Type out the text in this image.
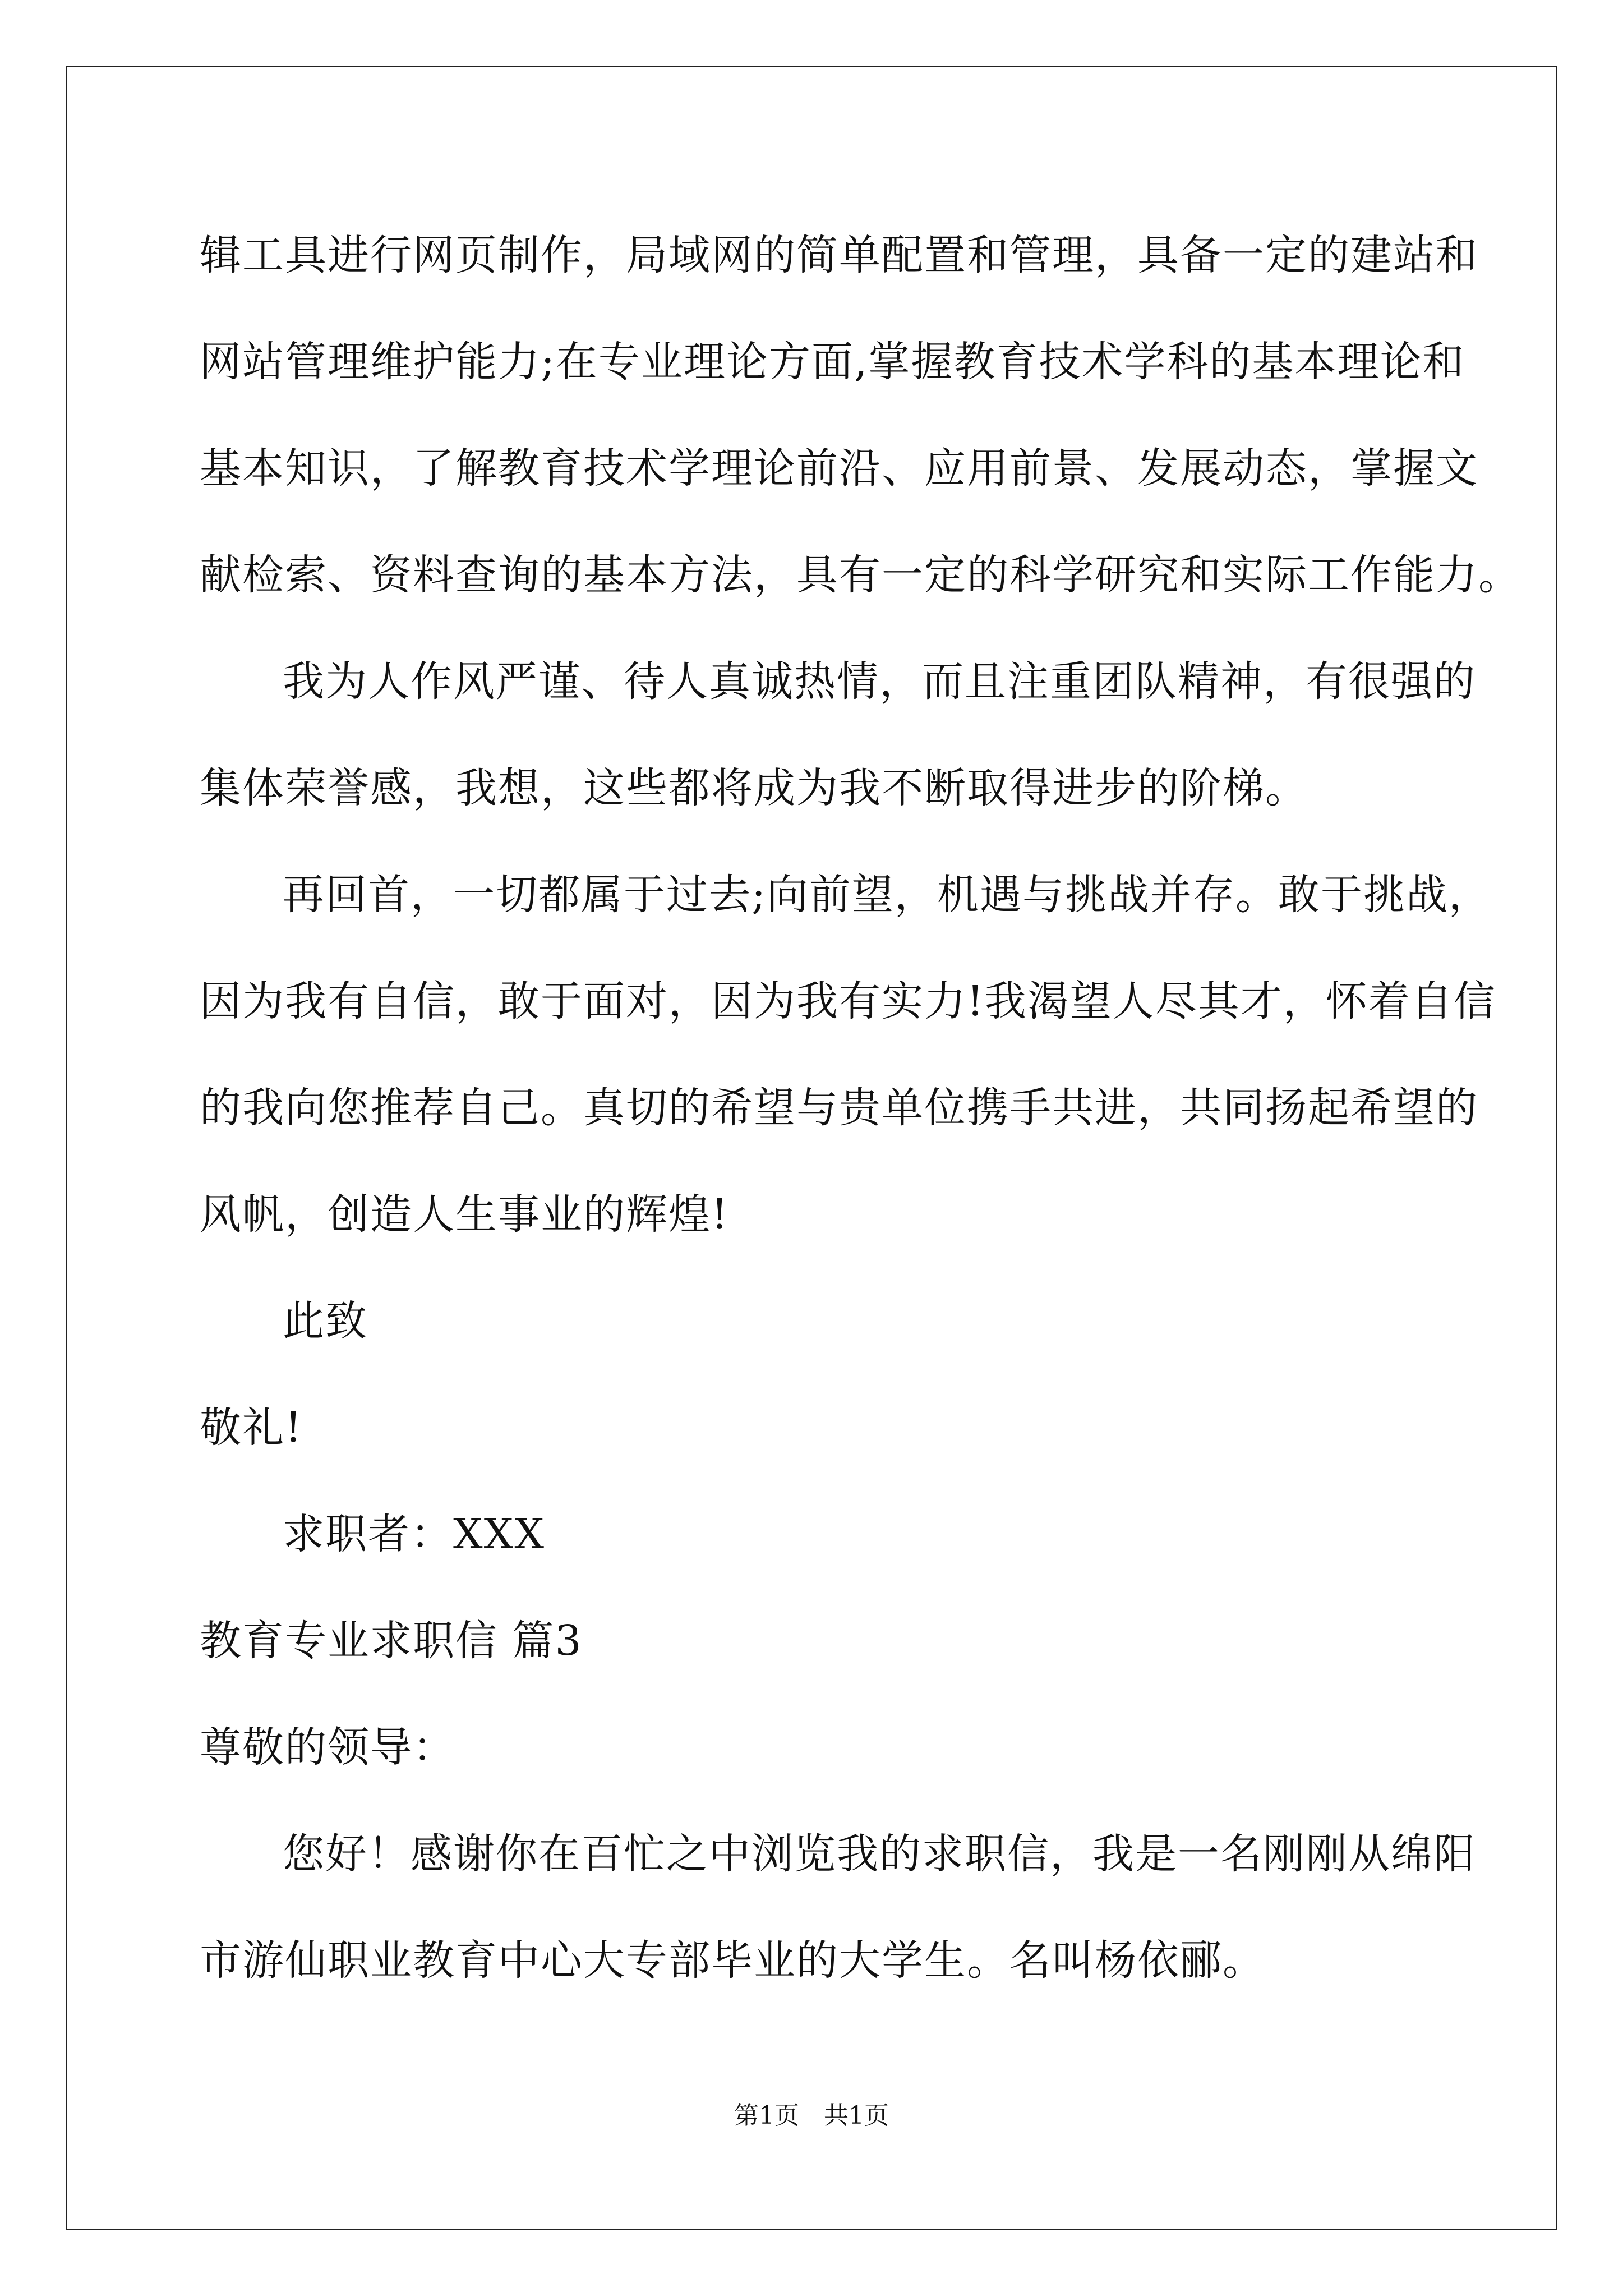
辑工具进行网页制作，局域网的简单配置和管理，具备一定的建站和
网站管理维护能力;在专业理论方面,掌握教育技术学科的基本理论和
基本知识，了解教育技术学理论前沿、应用前景、发展动态，掌握文
献检索、资料查询的基本方法，具有一定的科学研究和实际工作能力。
我为人作风严谨、待人真诚热情，而且注重团队精神，有很强的
集体荣誉感，我想，这些都将成为我不断取得进步的阶梯。
再回首，一切都属于过去;向前望，机遇与挑战并存。敢于挑战，
因为我有自信，敢于面对，因为我有实力!我渴望人尽其才，怀着自信
的我向您推荐自己。真切的希望与贵单位携手共进，共同扬起希望的
风帆，创造人生事业的辉煌!
此致
敬礼!
求职者：XXX
教育专业求职信 篇3
尊敬的领导：
您好！感谢你在百忙之中浏览我的求职信，我是一名刚刚从绵阳
市游仙职业教育中心大专部毕业的大学生。名叫杨依郦。
第1页　共1页
